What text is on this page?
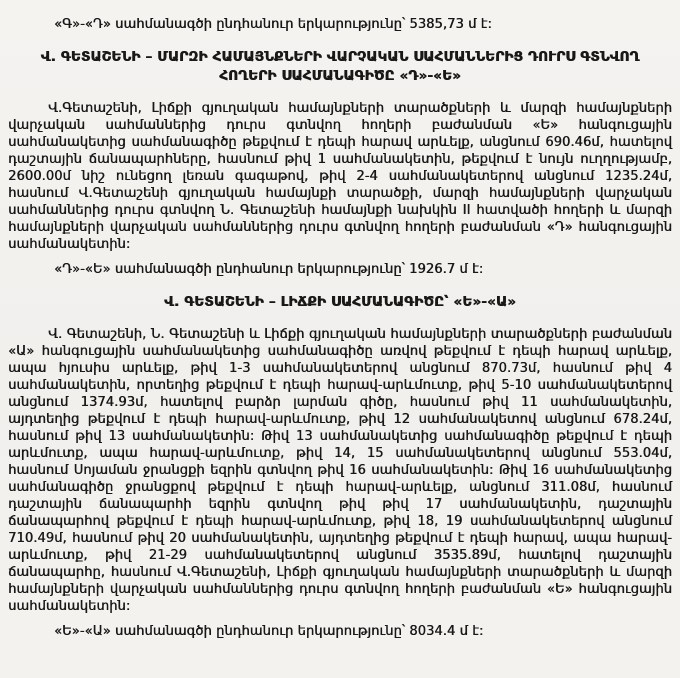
«Գ»-«Դ» սահմանագծի ընդհանուր երկարությունը՝ 5385,73 մ է:

Վ. ԳԵՏԱՇԵՆԻ – ՄԱՐԶԻ ՀԱՄԱՅՆՔՆԵՐԻ ՎԱՐՉԱԿԱՆ ՍԱՀՄԱՆՆԵՐԻՑ ԴՈՒՐՍ ԳՏՆՎՈՂ
ՀՈՂԵՐԻ ՍԱՀՄԱՆԱԳԻԾԸ «Դ»-«Ե»

Վ.Գետաշենի, Լիճքի գյուղական համայնքների տարածքների և մարզի համայնքների վարչական սահմաններից դուրս գտնվող հողերի բաժանման «Ե» հանգուցային սահմանակետից սահմանագիծը թեքվում է դեպի հարավ արևելք, անցնում 690.46մ, հատելով դաշտային ճանապարհները, հասնում թիվ 1 սահմանակետին, թեքվում է նույն ուղղությամբ, 2600.00մ նիշ ունեցող լեռան գագաթով, թիվ 2-4 սահմանակետերով անցնում 1235.24մ, հասնում Վ.Գետաշենի գյուղական համայնքի տարածքի, մարզի համայնքների վարչական սահմաններից դուրս գտնվող Ն. Գետաշենի համայնքի նախկին II հատվածի հողերի և մարզի համայնքների վարչական սահմաններից դուրս գտնվող հողերի բաժանման «Դ» հանգուցային սահմանակետին:

«Դ»-«Ե» սահմանագծի ընդհանուր երկարությունը՝ 1926.7 մ է:

Վ. ԳԵՏԱՇԵՆԻ – ԼԻՃՔԻ ՍԱՀՄԱՆԱԳԻԾԸ՝ «Ե»-«Ա»

Վ. Գետաշենի, Ն. Գետաշենի և Լիճքի գյուղական համայնքների տարածքների բաժանման «Ա» հանգուցային սահմանակետից սահմանագիծը առվով թեքվում է դեպի հարավ արևելք, ապա հյուսիս արևելք, թիվ 1-3 սահմանակետերով անցնում 870.73մ, հասնում թիվ 4 սահմանակետին, որտեղից թեքվում է դեպի հարավ-արևմուտք, թիվ 5-10 սահմանակետերով անցնում 1374.93մ, հատելով բարձր լարման գիծը, հասնում թիվ 11 սահմանակետին, այդտեղից թեքվում է դեպի հարավ-արևմուտք, թիվ 12 սահմանակետով անցնում 678.24մ, հասնում թիվ 13 սահմանակետին: Թիվ 13 սահմանակետից սահմանագիծը թեքվում է դեպի արևմուտք, ապա հարավ-արևմուտք, թիվ 14, 15 սահմանակետերով անցնում 553.04մ, հասնում Սոյաման ջրանցքի եզրին գտնվող թիվ 16 սահմանակետին: Թիվ 16 սահմանակետից սահմանագիծը ջրանցքով թեքվում է դեպի հարավ-արևելք, անցնում 311.08մ, հասնում դաշտային ճանապարհի եզրին գտնվող թիվ թիվ 17 սահմանակետին, դաշտային ճանապարհով թեքվում է դեպի հարավ-արևմուտք, թիվ 18, 19 սահմանակետերով անցնում 710.49մ, հասնում թիվ 20 սահմանակետին, այդտեղից թեքվում է դեպի հարավ, ապա հարավ-արևմուտք, թիվ 21-29 սահմանակետերով անցնում 3535.89մ, հատելով դաշտային ճանապարհը, հասնում Վ.Գետաշենի, Լիճքի գյուղական համայնքների տարածքների և մարզի համայնքների վարչական սահմաններից դուրս գտնվող հողերի բաժանման «Ե» հանգուցային սահմանակետին:

«Ե»-«Ա» սահմանագծի ընդհանուր երկարությունը՝ 8034.4 մ է:
